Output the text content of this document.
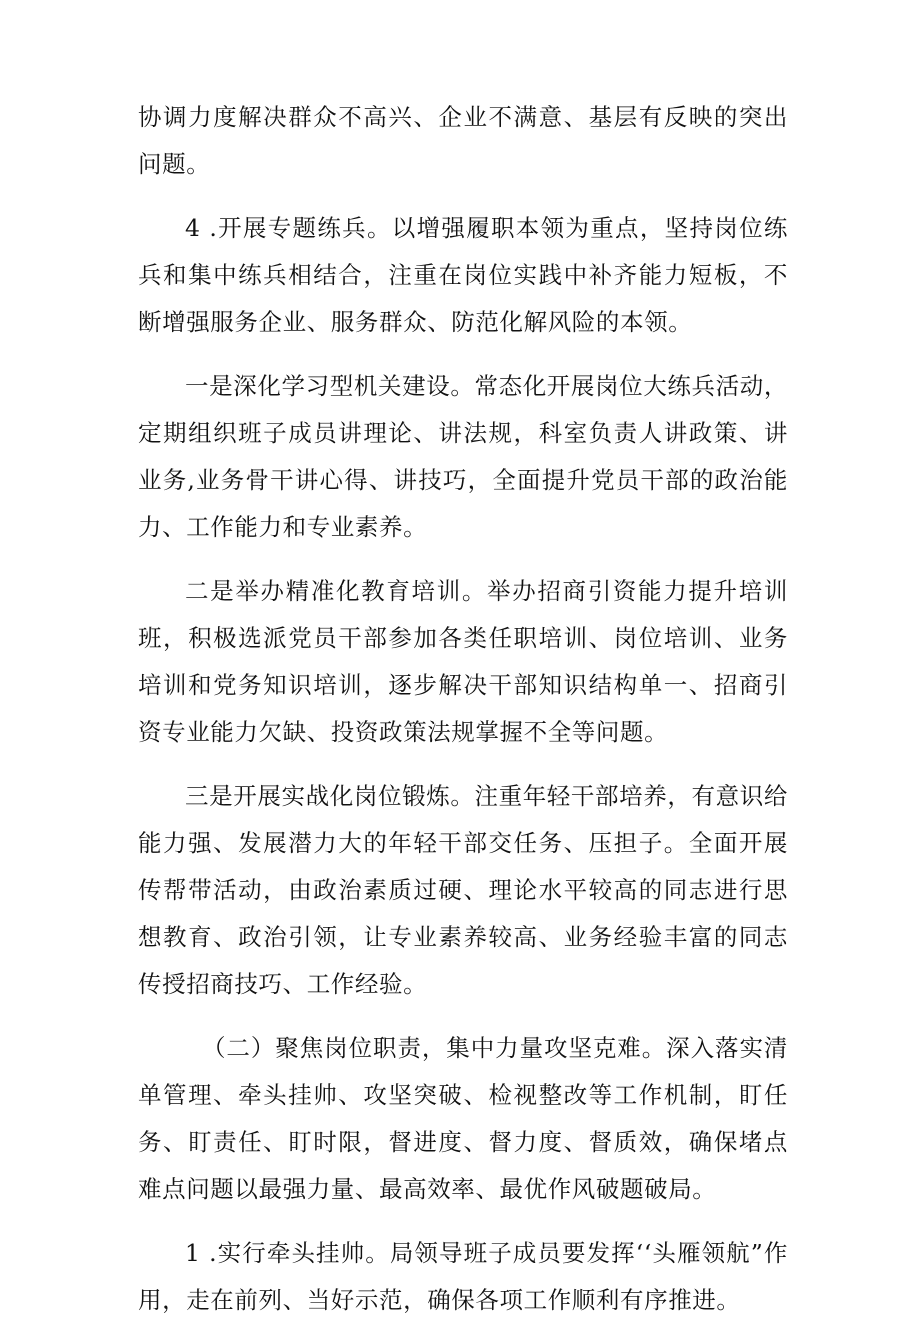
协调力度解决群众不高兴、企业不满意、基层有反映的突出问题。

4 .开展专题练兵。以增强履职本领为重点，坚持岗位练兵和集中练兵相结合，注重在岗位实践中补齐能力短板，不断增强服务企业、服务群众、防范化解风险的本领。

一是深化学习型机关建设。常态化开展岗位大练兵活动，定期组织班子成员讲理论、讲法规，科室负责人讲政策、讲业务,业务骨干讲心得、讲技巧，全面提升党员干部的政治能力、工作能力和专业素养。

二是举办精准化教育培训。举办招商引资能力提升培训班，积极选派党员干部参加各类任职培训、岗位培训、业务培训和党务知识培训，逐步解决干部知识结构单一、招商引资专业能力欠缺、投资政策法规掌握不全等问题。

三是开展实战化岗位锻炼。注重年轻干部培养，有意识给能力强、发展潜力大的年轻干部交任务、压担子。全面开展传帮带活动，由政治素质过硬、理论水平较高的同志进行思想教育、政治引领，让专业素养较高、业务经验丰富的同志传授招商技巧、工作经验。

（二）聚焦岗位职责，集中力量攻坚克难。深入落实清单管理、牵头挂帅、攻坚突破、检视整改等工作机制，盯任务、盯责任、盯时限，督进度、督力度、督质效，确保堵点难点问题以最强力量、最高效率、最优作风破题破局。

1 .实行牵头挂帅。局领导班子成员要发挥‘‘头雁领航”作用，走在前列、当好示范，确保各项工作顺利有序推进。
